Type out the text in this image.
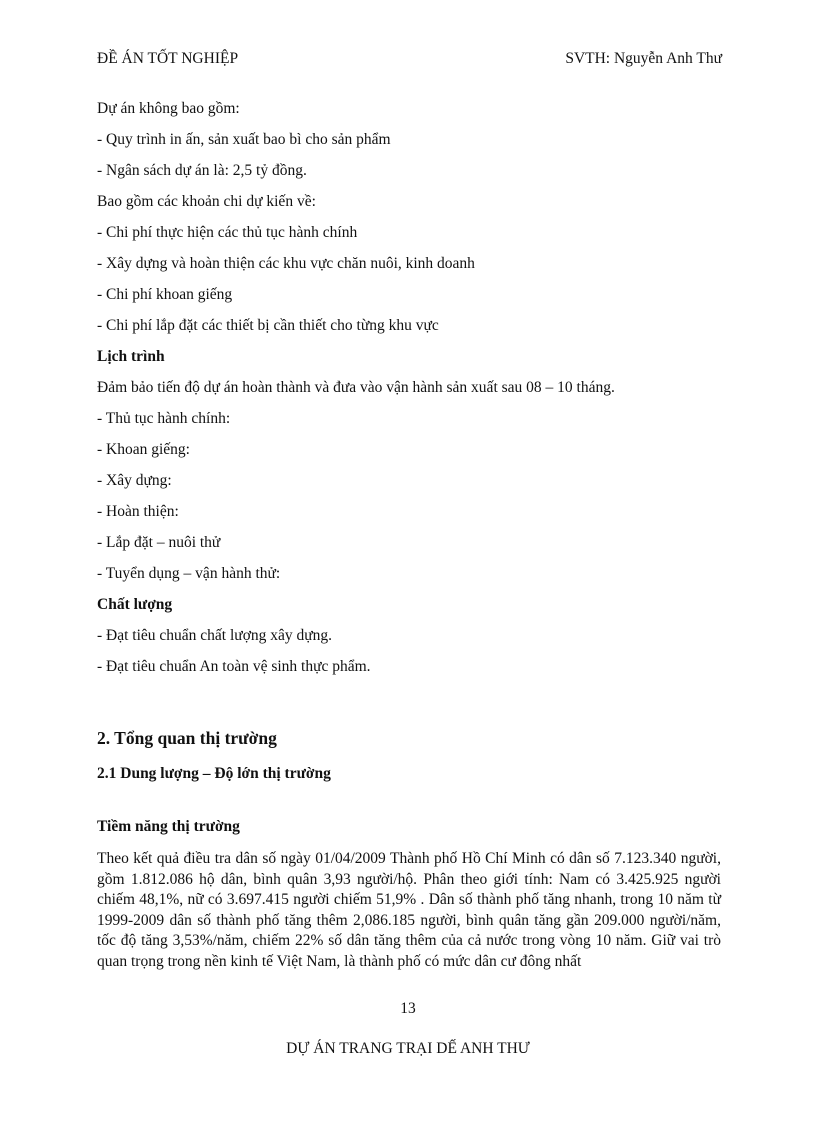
ĐỀ ÁN TỐT NGHIỆP	SVTH: Nguyễn Anh Thư
Dự án không bao gồm:
- Quy trình in ấn, sản xuất bao bì cho sản phẩm
- Ngân sách dự án là: 2,5 tỷ đồng.
Bao gồm các khoản chi dự kiến về:
- Chi phí thực hiện các thủ tục hành chính
- Xây dựng và hoàn thiện các khu vực chăn nuôi, kinh doanh
- Chi phí khoan giếng
- Chi phí lắp đặt các thiết bị cần thiết cho từng khu vực
Lịch trình
Đảm bảo tiến độ dự án hoàn thành và đưa vào vận hành sản xuất sau 08 – 10 tháng.
- Thủ tục hành chính:
- Khoan giếng:
- Xây dựng:
- Hoàn thiện:
- Lắp đặt – nuôi thử
- Tuyển dụng – vận hành thử:
Chất lượng
- Đạt tiêu chuẩn chất lượng xây dựng.
- Đạt tiêu chuẩn An toàn vệ sinh thực phẩm.
2. Tổng quan thị trường
2.1 Dung lượng – Độ lớn thị trường
Tiềm năng thị trường
Theo kết quả điều tra dân số ngày 01/04/2009 Thành phố Hồ Chí Minh có dân số 7.123.340 người, gồm 1.812.086 hộ dân, bình quân 3,93 người/hộ. Phân theo giới tính: Nam có 3.425.925 người chiếm 48,1%, nữ có 3.697.415 người chiếm 51,9% . Dân số thành phố tăng nhanh, trong 10 năm từ 1999-2009 dân số thành phố tăng thêm 2,086.185 người, bình quân tăng gần 209.000 người/năm, tốc độ tăng 3,53%/năm, chiếm 22% số dân tăng thêm của cả nước trong vòng 10 năm. Giữ vai trò quan trọng trong nền kinh tế Việt Nam, là thành phố có mức dân cư đông nhất
13
DỰ ÁN TRANG TRẠI DẾ ANH THƯ
